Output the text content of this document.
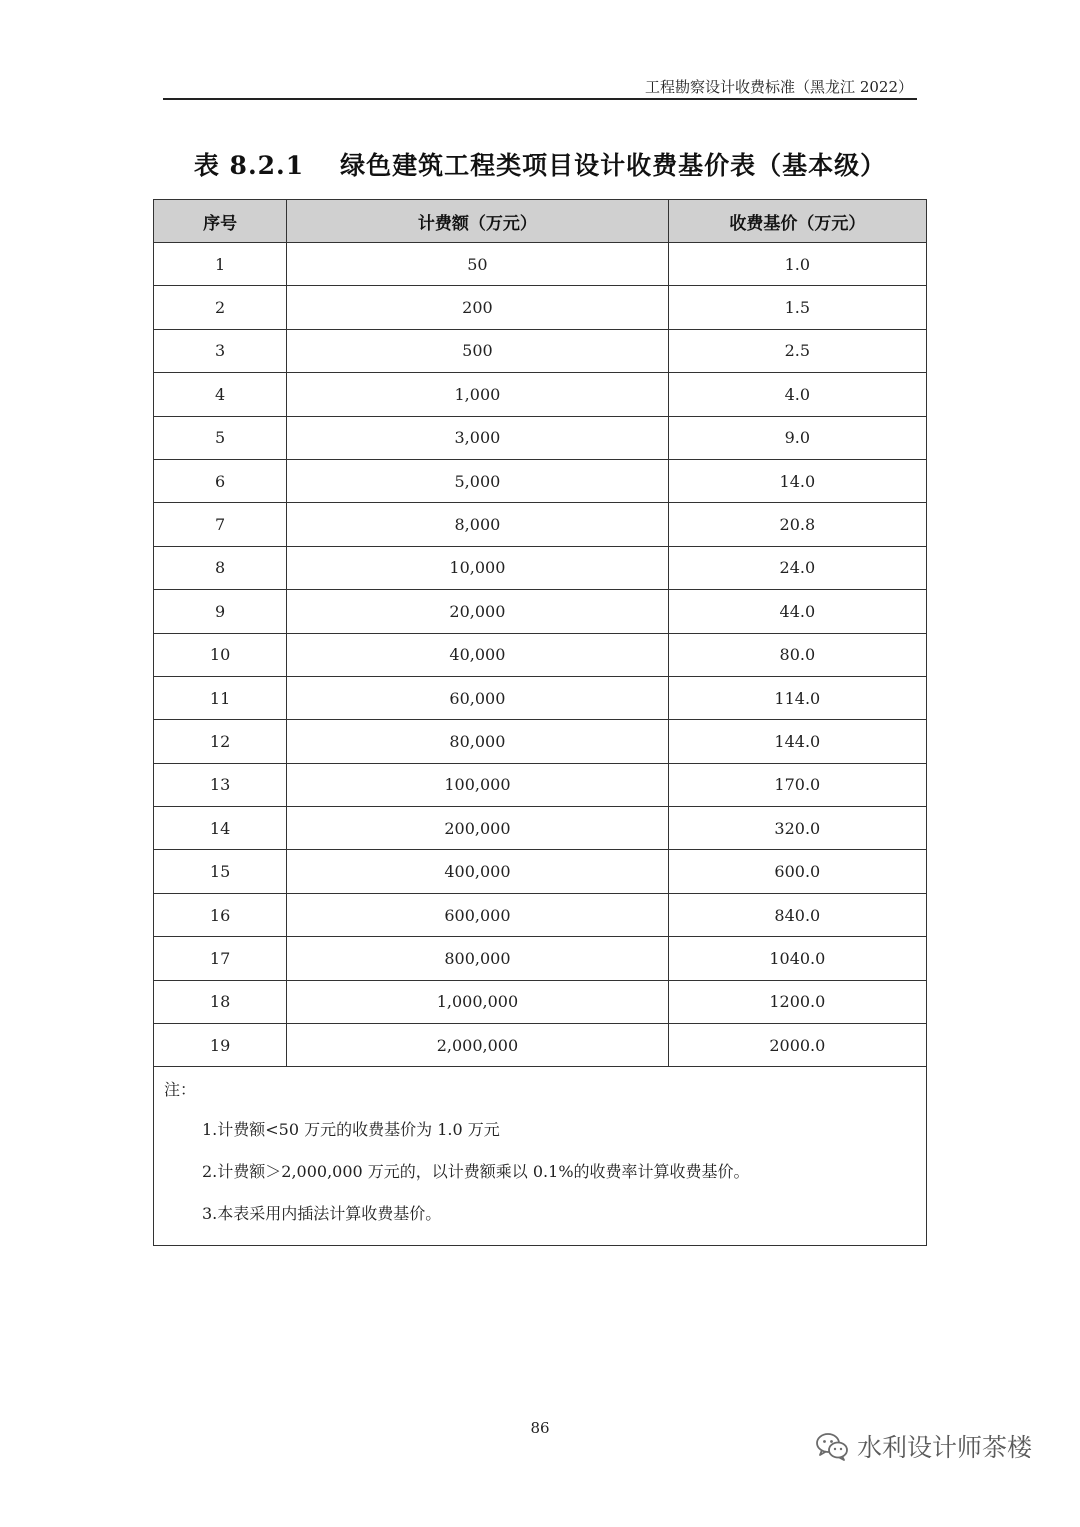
工程勘察设计收费标准（黑龙江 2022）
表 8.2.1 绿色建筑工程类项目设计收费基价表（基本级）
序号	计费额（万元）	收费基价（万元）
1	50	1.0
2	200	1.5
3	500	2.5
4	1,000	4.0
5	3,000	9.0
6	5,000	14.0
7	8,000	20.8
8	10,000	24.0
9	20,000	44.0
10	40,000	80.0
11	60,000	114.0
12	80,000	144.0
13	100,000	170.0
14	200,000	320.0
15	400,000	600.0
16	600,000	840.0
17	800,000	1040.0
18	1,000,000	1200.0
19	2,000,000	2000.0

注：
1.计费额<50 万元的收费基价为 1.0 万元
2.计费额＞2,000,000 万元的，以计费额乘以 0.1%的收费率计算收费基价。
3.本表采用内插法计算收费基价。		
86
水利设计师茶楼
